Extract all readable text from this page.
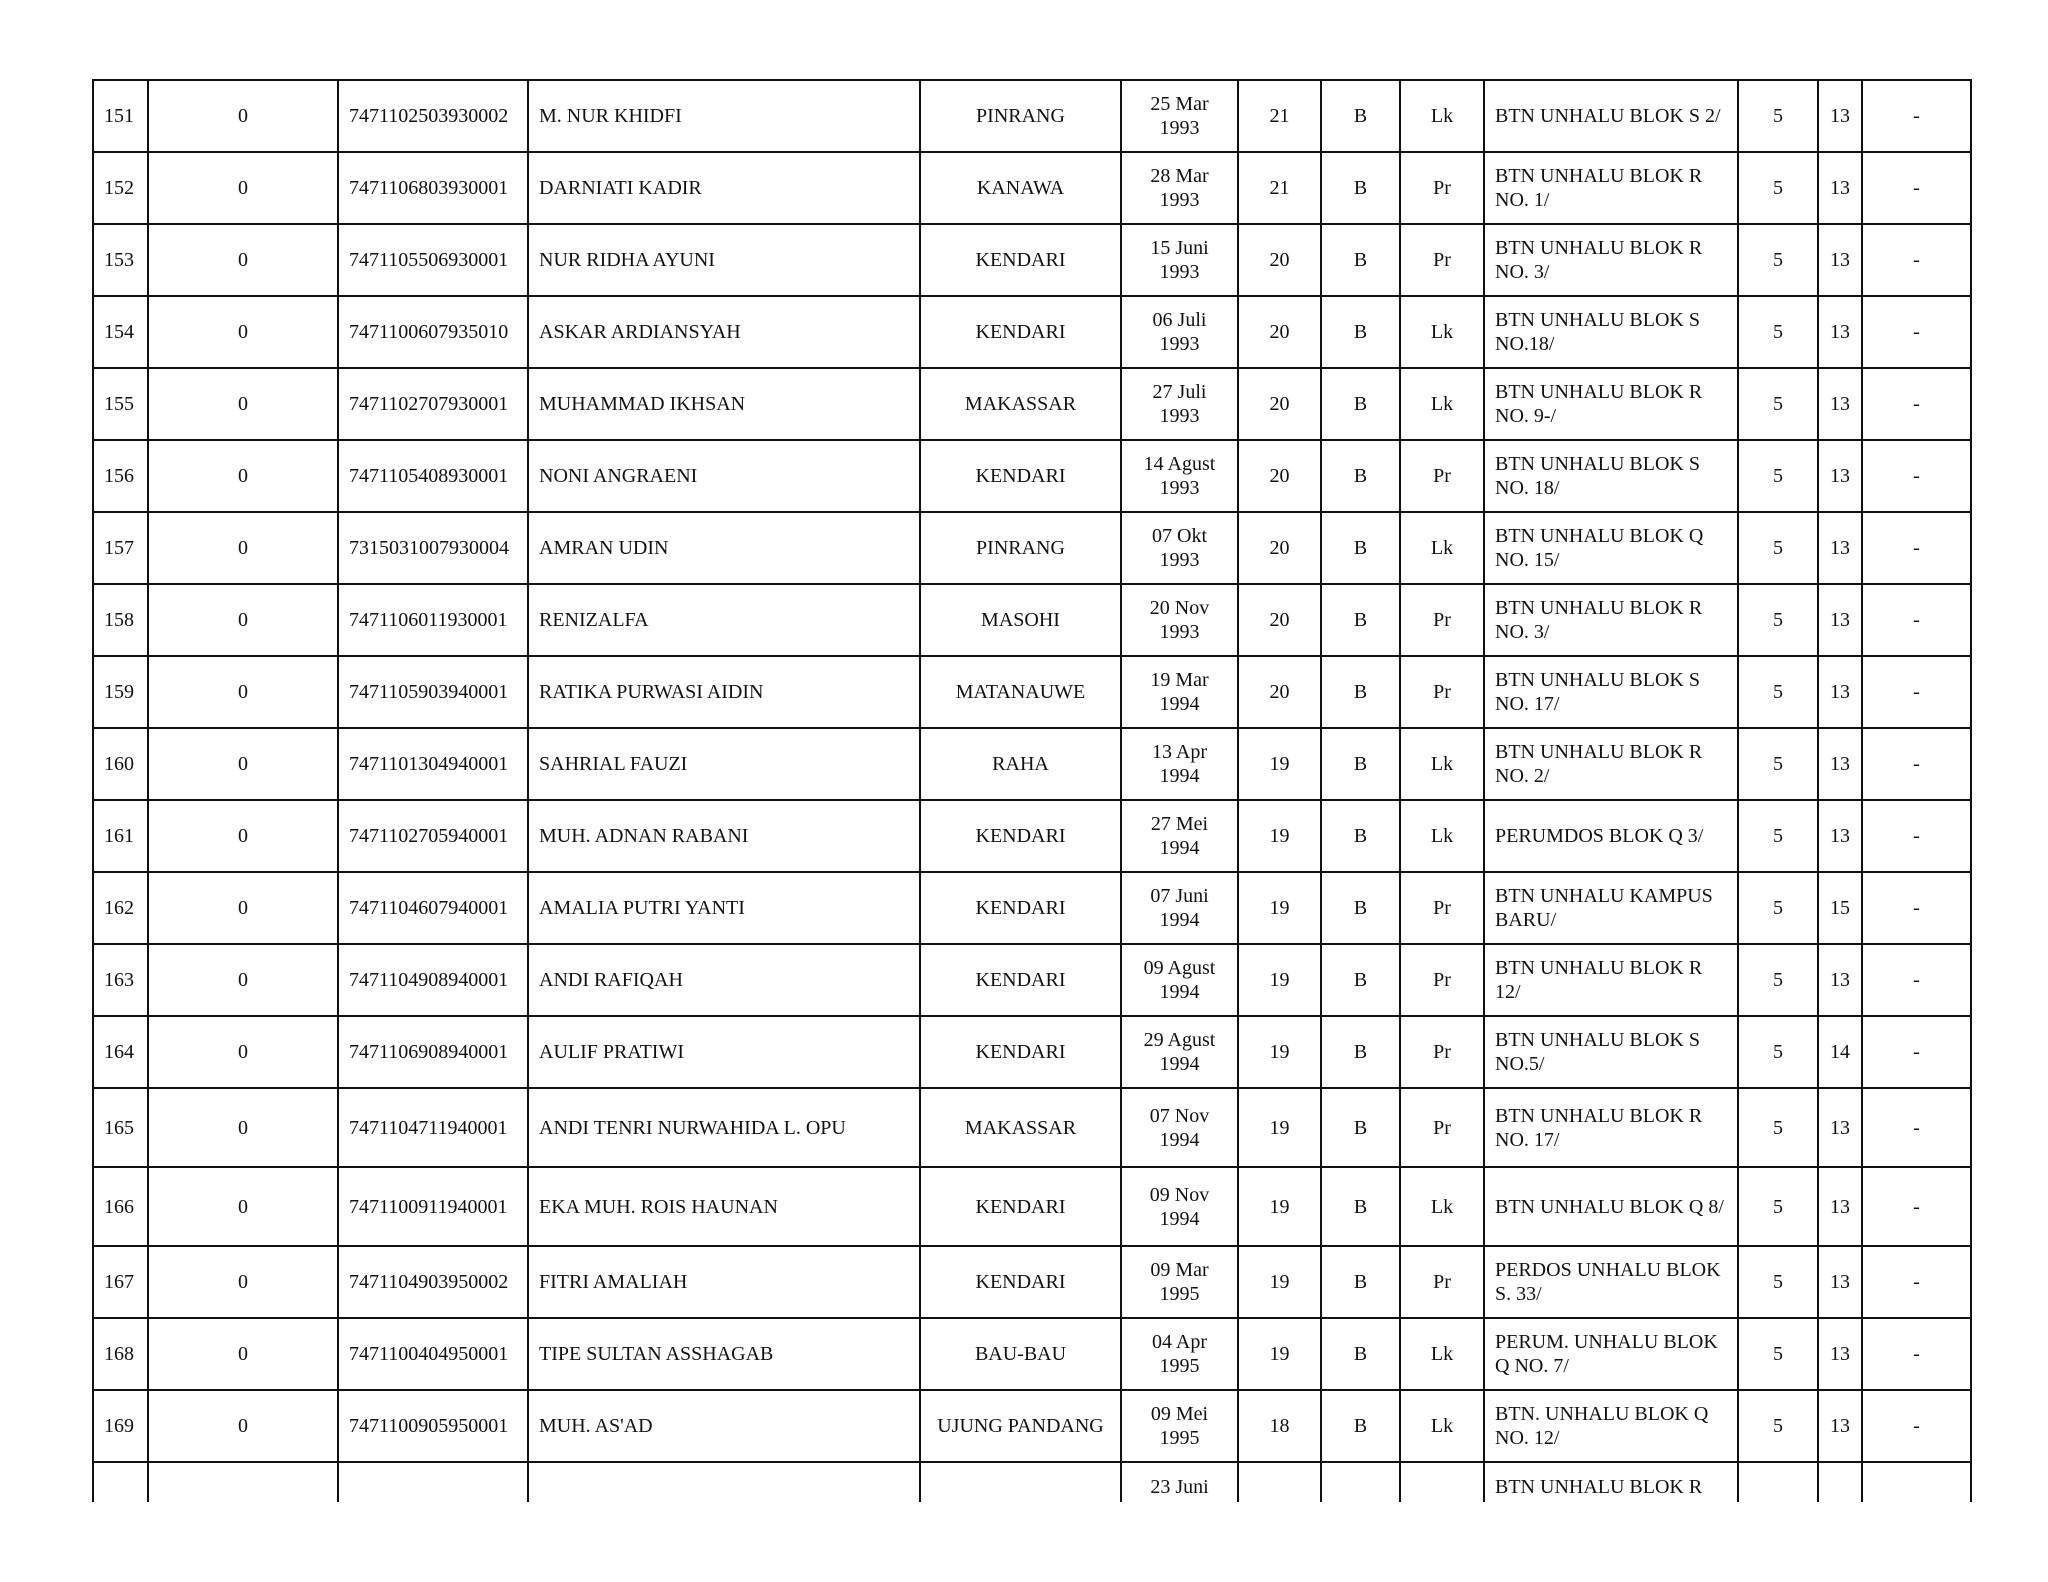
151	0	7471102503930002	M. NUR KHIDFI	PINRANG	25 Mar
1993	21	B	Lk	BTN UNHALU BLOK S 2/	5	13	-
152	0	7471106803930001	DARNIATI KADIR	KANAWA	28 Mar
1993	21	B	Pr	BTN UNHALU BLOK R NO. 1/	5	13	-
153	0	7471105506930001	NUR RIDHA AYUNI	KENDARI	15 Juni
1993	20	B	Pr	BTN UNHALU BLOK R NO. 3/	5	13	-
154	0	7471100607935010	ASKAR ARDIANSYAH	KENDARI	06 Juli
1993	20	B	Lk	BTN UNHALU BLOK S NO.18/	5	13	-
155	0	7471102707930001	MUHAMMAD IKHSAN	MAKASSAR	27 Juli
1993	20	B	Lk	BTN UNHALU BLOK R NO. 9-/	5	13	-
156	0	7471105408930001	NONI ANGRAENI	KENDARI	14 Agust
1993	20	B	Pr	BTN UNHALU BLOK S NO. 18/	5	13	-
157	0	7315031007930004	AMRAN UDIN	PINRANG	07 Okt
1993	20	B	Lk	BTN UNHALU BLOK Q NO. 15/	5	13	-
158	0	7471106011930001	RENIZALFA	MASOHI	20 Nov
1993	20	B	Pr	BTN UNHALU BLOK R NO. 3/	5	13	-
159	0	7471105903940001	RATIKA PURWASI AIDIN	MATANAUWE	19 Mar
1994	20	B	Pr	BTN UNHALU BLOK S NO. 17/	5	13	-
160	0	7471101304940001	SAHRIAL FAUZI	RAHA	13 Apr
1994	19	B	Lk	BTN UNHALU BLOK R NO. 2/	5	13	-
161	0	7471102705940001	MUH. ADNAN RABANI	KENDARI	27 Mei
1994	19	B	Lk	PERUMDOS BLOK Q 3/	5	13	-
162	0	7471104607940001	AMALIA PUTRI YANTI	KENDARI	07 Juni
1994	19	B	Pr	BTN UNHALU KAMPUS BARU/	5	15	-
163	0	7471104908940001	ANDI RAFIQAH	KENDARI	09 Agust
1994	19	B	Pr	BTN UNHALU BLOK R 12/	5	13	-
164	0	7471106908940001	AULIF PRATIWI	KENDARI	29 Agust
1994	19	B	Pr	BTN UNHALU BLOK S NO.5/	5	14	-
165	0	7471104711940001	ANDI TENRI NURWAHIDA L. OPU	MAKASSAR	07 Nov
1994	19	B	Pr	BTN UNHALU BLOK R NO. 17/	5	13	-
166	0	7471100911940001	EKA MUH. ROIS HAUNAN	KENDARI	09 Nov
1994	19	B	Lk	BTN UNHALU BLOK Q 8/	5	13	-
167	0	7471104903950002	FITRI AMALIAH	KENDARI	09 Mar
1995	19	B	Pr	PERDOS UNHALU BLOK S. 33/	5	13	-
168	0	7471100404950001	TIPE SULTAN ASSHAGAB	BAU-BAU	04 Apr
1995	19	B	Lk	PERUM. UNHALU BLOK Q NO. 7/	5	13	-
169	0	7471100905950001	MUH. AS'AD	UJUNG PANDANG	09 Mei
1995	18	B	Lk	BTN. UNHALU BLOK Q NO. 12/	5	13	-
					23 Juni				BTN UNHALU BLOK R			
